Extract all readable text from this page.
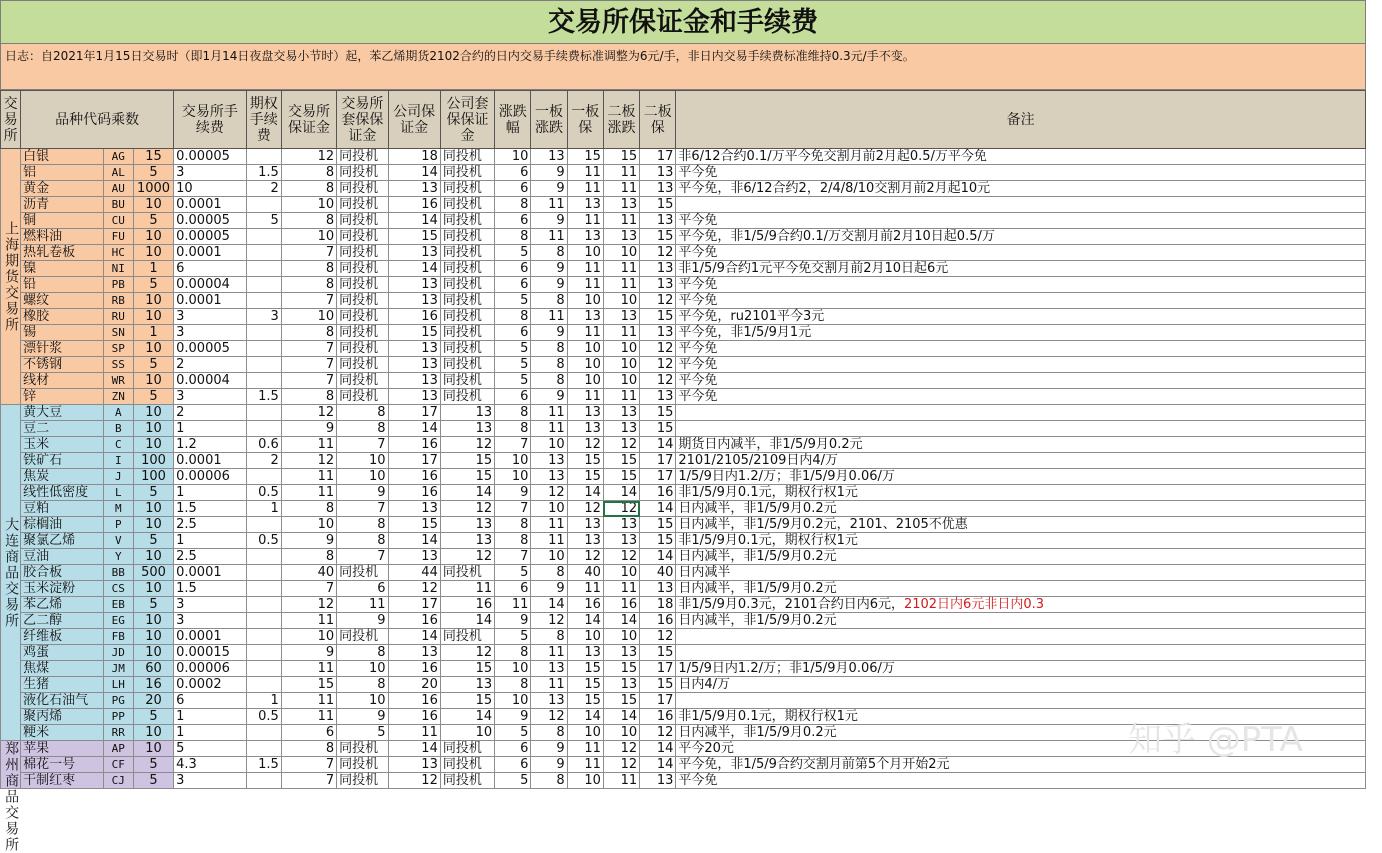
交易所保证金和手续费
日志：自2021年1月15日交易时（即1月14日夜盘交易小节时）起，苯乙烯期货2102合约的日内交易手续费标准调整为6元/手，非日内交易手续费标准维持0.3元/手不变。
交易所	品种代码乘数			交易所手续费	期权手续费	交易所保证金	交易所套保保证金	公司保证金	公司套保保证金	涨跌幅	一板涨跌	一板保	二板涨跌	二板保	备注
上海期货交易所	白银	AG	15	0.00005		12	同投机	18	同投机	10	13	15	15	17	非6/12合约0.1/万平今免交割月前2月起0.5/万平今免
	铝	AL	5	3	1.5	8	同投机	14	同投机	6	9	11	11	13	平今免
	黄金	AU	1000	10	2	8	同投机	13	同投机	6	9	11	11	13	平今免，非6/12合约2，2/4/8/10交割月前2月起10元
	沥青	BU	10	0.0001		10	同投机	16	同投机	8	11	13	13	15	
	铜	CU	5	0.00005	5	8	同投机	14	同投机	6	9	11	11	13	平今免
	燃料油	FU	10	0.00005		10	同投机	15	同投机	8	11	13	13	15	平今免，非1/5/9合约0.1/万交割月前2月10日起0.5/万
	热轧卷板	HC	10	0.0001		7	同投机	13	同投机	5	8	10	10	12	平今免
	镍	NI	1	6		8	同投机	14	同投机	6	9	11	11	13	非1/5/9合约1元平今免交割月前2月10日起6元
	铅	PB	5	0.00004		8	同投机	13	同投机	6	9	11	11	13	平今免
	螺纹	RB	10	0.0001		7	同投机	13	同投机	5	8	10	10	12	平今免
	橡胶	RU	10	3	3	10	同投机	16	同投机	8	11	13	13	15	平今免，ru2101平今3元
	锡	SN	1	3		8	同投机	15	同投机	6	9	11	11	13	平今免，非1/5/9月1元
	漂针浆	SP	10	0.00005		7	同投机	13	同投机	5	8	10	10	12	平今免
	不锈钢	SS	5	2		7	同投机	13	同投机	5	8	10	10	12	平今免
	线材	WR	10	0.00004		7	同投机	13	同投机	5	8	10	10	12	平今免
	锌	ZN	5	3	1.5	8	同投机	13	同投机	6	9	11	11	13	平今免
大连商品交易所	黄大豆	A	10	2		12	8	17	13	8	11	13	13	15	
	豆二	B	10	1		9	8	14	13	8	11	13	13	15	
	玉米	C	10	1.2	0.6	11	7	16	12	7	10	12	12	14	期货日内减半，非1/5/9月0.2元
	铁矿石	I	100	0.0001	2	12	10	17	15	10	13	15	15	17	2101/2105/2109日内4/万
	焦炭	J	100	0.00006		11	10	16	15	10	13	15	15	17	1/5/9日内1.2/万；非1/5/9月0.06/万
	线性低密度	L	5	1	0.5	11	9	16	14	9	12	14	14	16	非1/5/9月0.1元，期权行权1元
	豆粕	M	10	1.5	1	8	7	13	12	7	10	12	12	14	日内减半，非1/5/9月0.2元
	棕榈油	P	10	2.5		10	8	15	13	8	11	13	13	15	日内减半，非1/5/9月0.2元，2101、2105不优惠
	聚氯乙烯	V	5	1	0.5	9	8	14	13	8	11	13	13	15	非1/5/9月0.1元，期权行权1元
	豆油	Y	10	2.5		8	7	13	12	7	10	12	12	14	日内减半，非1/5/9月0.2元
	胶合板	BB	500	0.0001		40	同投机	44	同投机	5	8	40	10	40	日内减半
	玉米淀粉	CS	10	1.5		7	6	12	11	6	9	11	11	13	日内减半，非1/5/9月0.2元
	苯乙烯	EB	5	3		12	11	17	16	11	14	16	16	18	非1/5/9月0.3元，2101合约日内6元，2102日内6元非日内0.3
	乙二醇	EG	10	3		11	9	16	14	9	12	14	14	16	日内减半，非1/5/9月0.2元
	纤维板	FB	10	0.0001		10	同投机	14	同投机	5	8	10	10	12	
	鸡蛋	JD	10	0.00015		9	8	13	12	8	11	13	13	15	
	焦煤	JM	60	0.00006		11	10	16	15	10	13	15	15	17	1/5/9日内1.2/万；非1/5/9月0.06/万
	生猪	LH	16	0.0002		15	8	20	13	8	11	15	13	15	日内4/万
	液化石油气	PG	20	6	1	11	10	16	15	10	13	15	15	17	
	聚丙烯	PP	5	1	0.5	11	9	16	14	9	12	14	14	16	非1/5/9月0.1元，期权行权1元
	粳米	RR	10	1		6	5	11	10	5	8	10	10	12	日内减半，非1/5/9月0.2元
郑州商品交易所	苹果	AP	10	5		8	同投机	14	同投机	6	9	11	12	14	平今20元
	棉花一号	CF	5	4.3	1.5	7	同投机	13	同投机	6	9	11	12	14	平今免，非1/5/9合约交割月前第5个月开始2元
	干制红枣	CJ	5	3		7	同投机	12	同投机	5	8	10	11	13	平今免
知乎 @PTA
